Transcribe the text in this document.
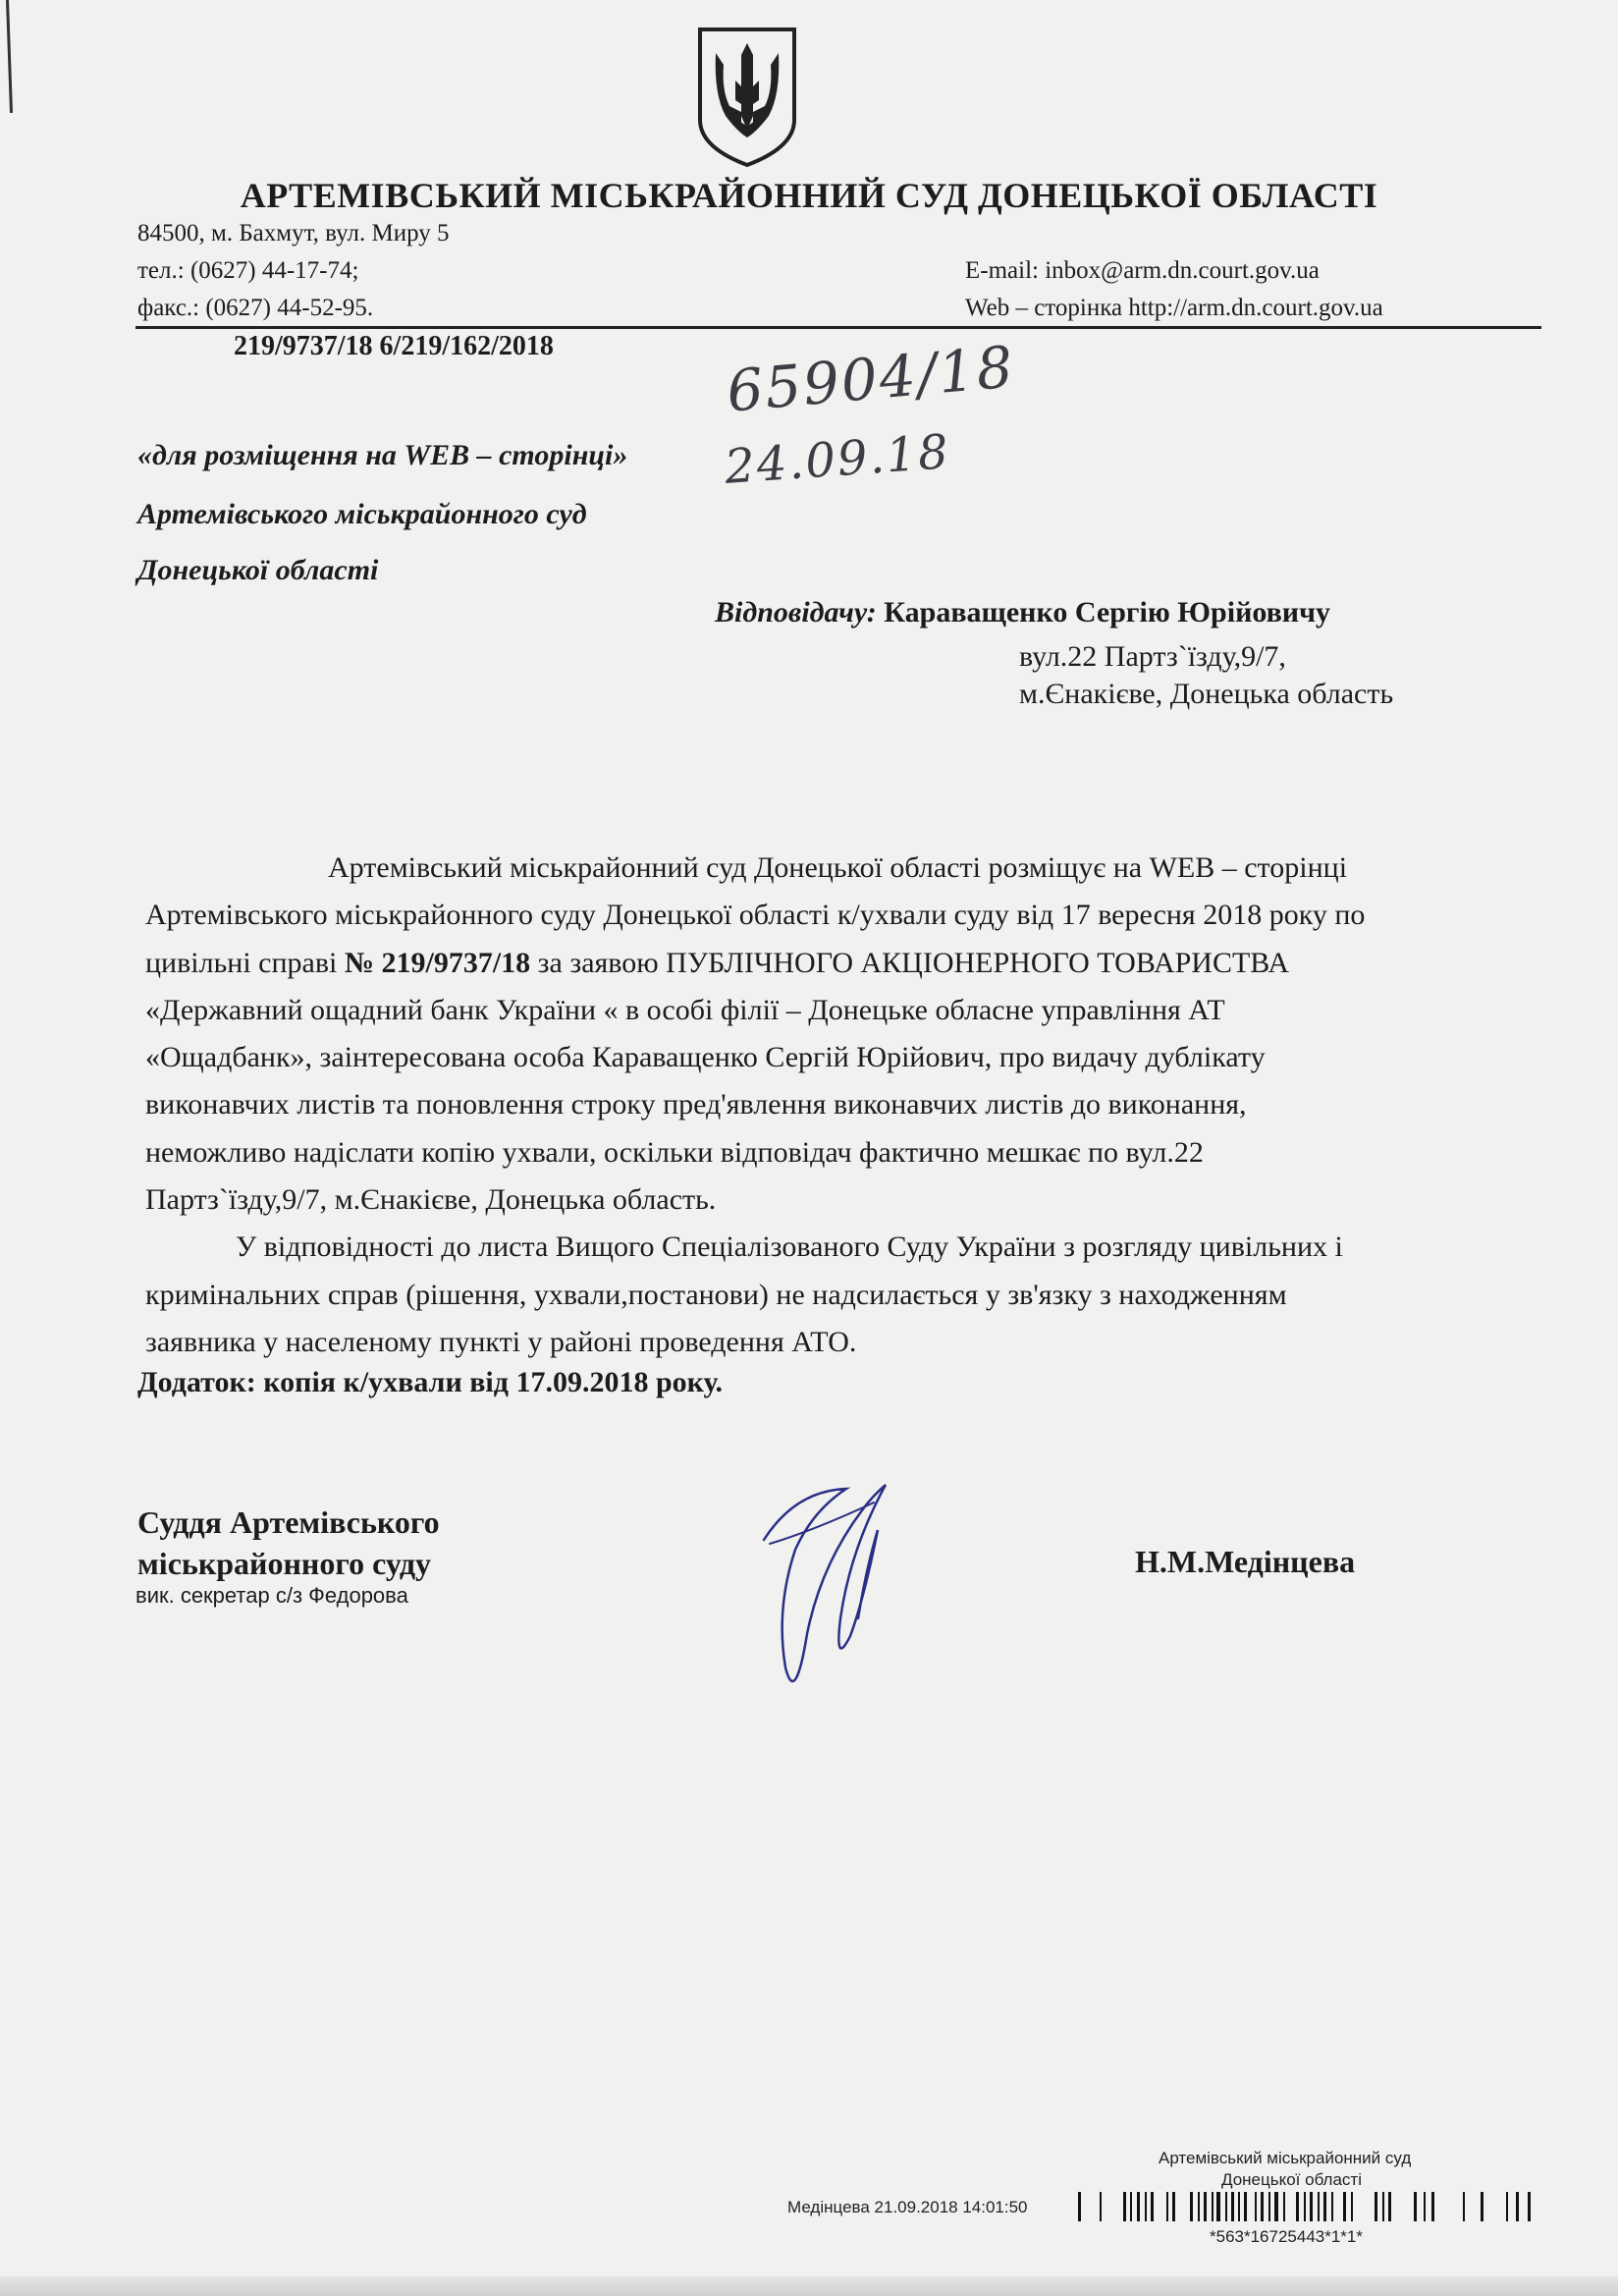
АРТЕМІВСЬКИЙ МІСЬКРАЙОННИЙ СУД ДОНЕЦЬКОЇ ОБЛАСТІ
84500, м. Бахмут, вул. Миру 5
тел.: (0627) 44-17-74;
факс.: (0627) 44-52-95.
E-mail: inbox@arm.dn.court.gov.ua
Web – сторінка http://arm.dn.court.gov.ua
219/9737/18 6/219/162/2018	65904/18
24.09.18
«для розміщення на WEB – сторінці»
Артемівського міськрайонного суд
Донецької області
Відповідачу: Караващенко Сергію Юрійовичу
вул.22 Партз`їзду,9/7,
м.Єнакієве, Донецька область
Артемівський міськрайонний суд Донецької області розміщує на WEB – сторінці
Артемівського міськрайонного суду Донецької області к/ухвали суду від 17 вересня 2018 року по
цивільні справі № 219/9737/18 за заявою ПУБЛІЧНОГО АКЦІОНЕРНОГО ТОВАРИСТВА
«Державний ощадний банк України « в особі філії – Донецьке обласне управління АТ
«Ощадбанк», заінтересована особа Караващенко Сергій Юрійович, про видачу дублікату
виконавчих листів та поновлення строку пред'явлення виконавчих листів до виконання,
неможливо надіслати копію ухвали, оскільки відповідач фактично мешкає по вул.22
Партз`їзду,9/7, м.Єнакієве, Донецька область.
У відповідності до листа Вищого Спеціалізованого Суду України з розгляду цивільних і
кримінальних справ (рішення, ухвали,постанови) не надсилається у зв'язку з находженням
заявника у населеному пункті у районі проведення АТО.
Додаток: копія к/ухвали від 17.09.2018 року.
Суддя Артемівського
міськрайонного суду
вик. секретар с/з Федорова
Н.М.Медінцева
Артемівський міськрайонний суд
Донецької області
Медінцева 21.09.2018 14:01:50
*563*16725443*1*1*
